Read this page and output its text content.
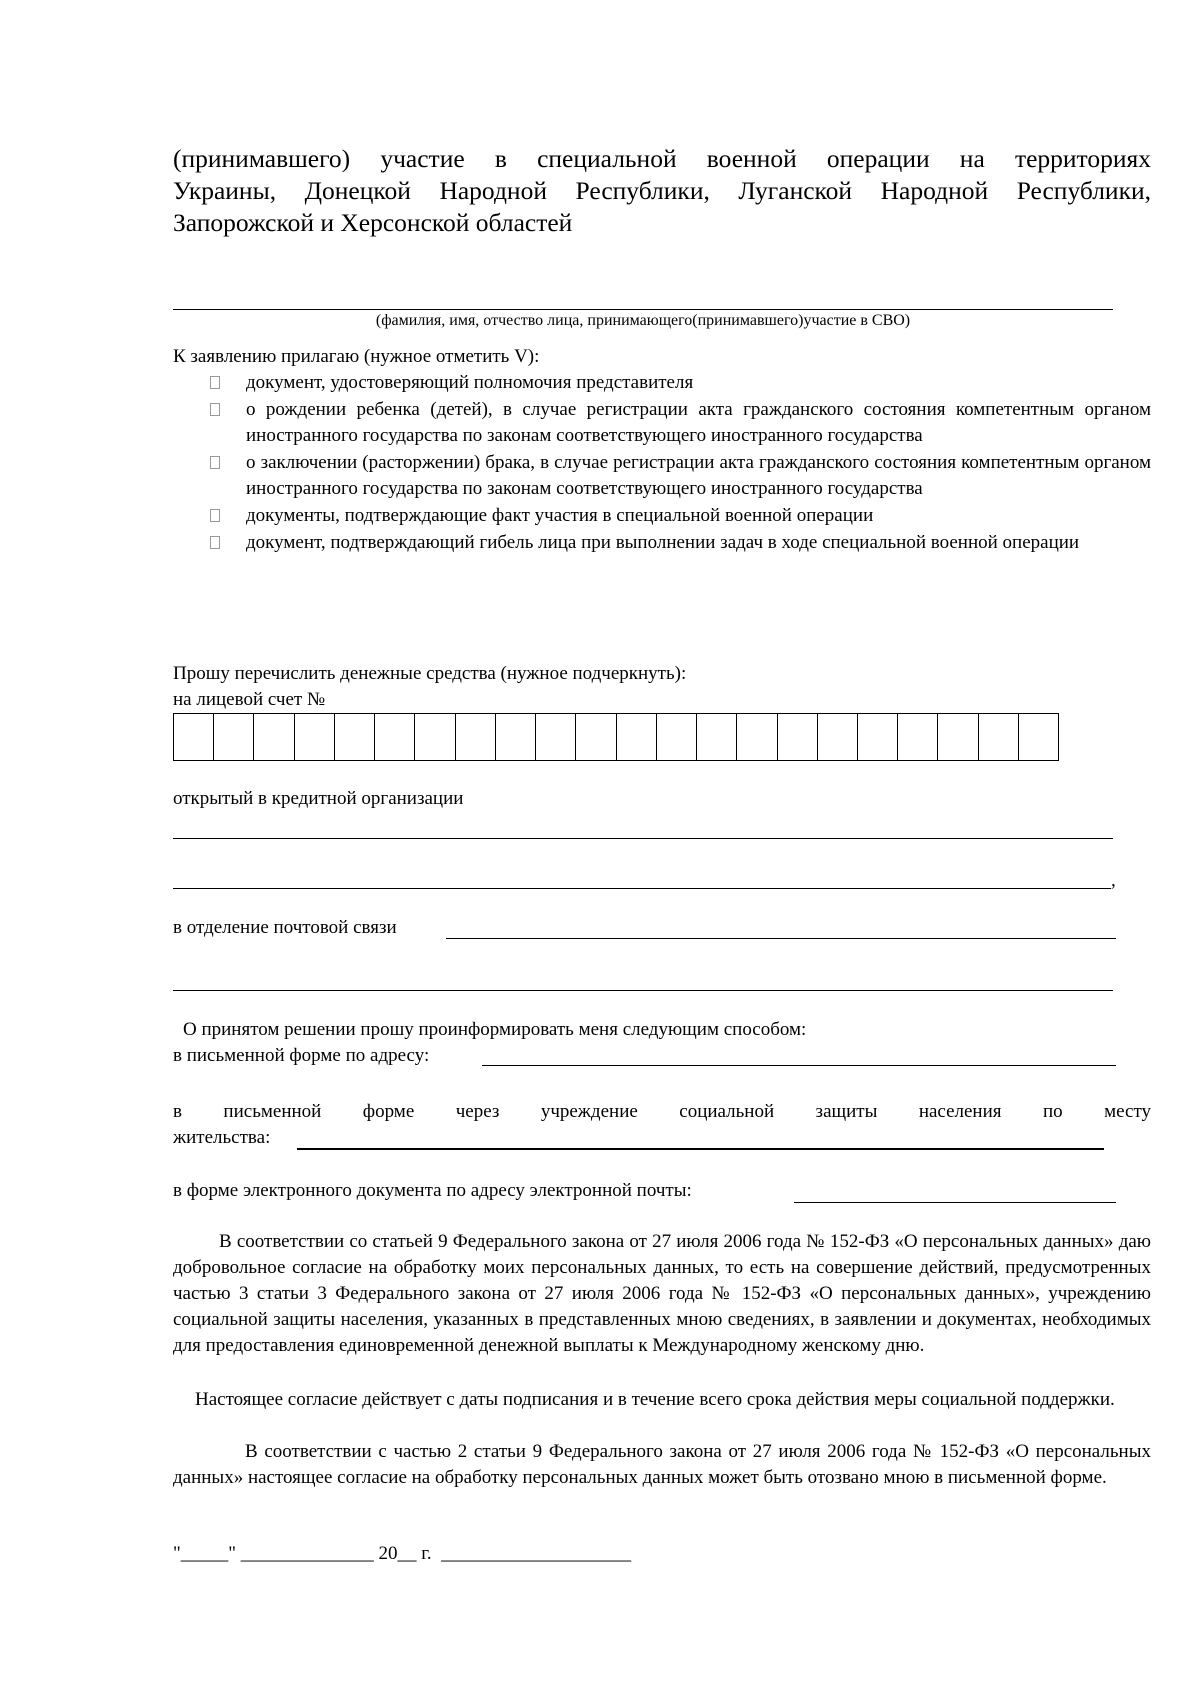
(принимавшего) участие в специальной военной операции на территориях
Украины, Донецкой Народной Республики, Луганской Народной Республики,
Запорожской и Херсонской областей
(фамилия, имя, отчество лица, принимающего(принимавшего)участие в СВО)
К заявлению прилагаю (нужное отметить V):
документ, удостоверяющий полномочия представителя
о рождении ребенка (детей), в случае регистрации акта гражданского состояния компетентным органом иностранного государства по законам соответствующего иностранного государства
о заключении (расторжении) брака, в случае регистрации акта гражданского состояния компетентным органом иностранного государства по законам соответствующего иностранного государства
документы, подтверждающие факт участия в специальной военной операции
документ, подтверждающий гибель лица при выполнении задач в ходе специальной военной операции
Прошу перечислить денежные средства (нужное подчеркнуть):
на лицевой счет №
открытый в кредитной организации
,
в отделение почтовой связи
О принятом решении прошу проинформировать меня следующим способом:
в письменной форме по адресу:
в письменной форме через учреждение социальной защиты населения по месту
жительства:
в форме электронного документа по адресу электронной почты:
В соответствии со статьей 9 Федерального закона от 27 июля 2006 года № 152-ФЗ «О персональных данных» даю добровольное согласие на обработку моих персональных данных, то есть на совершение действий, предусмотренных частью 3 статьи 3 Федерального закона от 27 июля 2006 года № 152-ФЗ «О персональных данных», учреждению социальной защиты населения, указанных в представленных мною сведениях, в заявлении и документах, необходимых для предоставления единовременной денежной выплаты к Международному женскому дню.
Настоящее согласие действует с даты подписания и в течение всего срока действия меры социальной поддержки.
В соответствии с частью 2 статьи 9 Федерального закона от 27 июля 2006 года № 152-ФЗ «О персональных данных» настоящее согласие на обработку персональных данных может быть отозвано мною в письменной форме.
"_____" ______________ 20__ г.  ____________________
